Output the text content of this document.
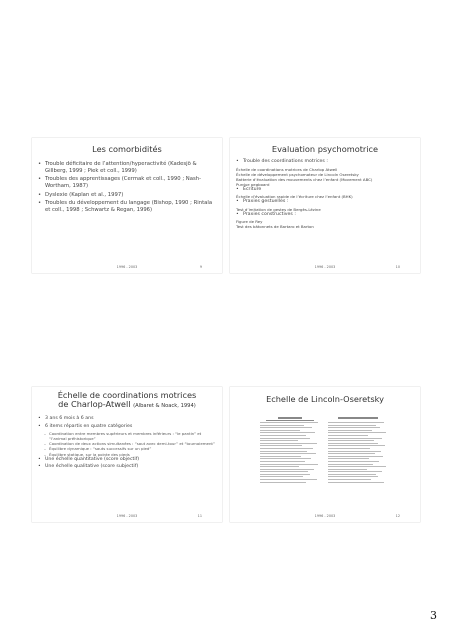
Les comorbidités
• Trouble déficitaire de l’attention/hyperactivité (Kadesjö & Gillberg, 1999 ; Piek et coll., 1999)
• Troubles des apprentissages (Cermak et coll., 1990 ; Nash-Wortham, 1987)
• Dyslexie (Kaplan et al., 1997)
• Troubles du développement du langage (Bishop, 1990 ; Rintala et coll., 1998 ; Schwartz & Regan, 1996)
1996 - 2003	9
Evaluation psychomotrice
• Trouble des coordinations motrices :
Échelle de coordinations motrices de Charlop Atwell
Échelle de développement psychomoteur de Lincoln Oseretsky
Batterie d’évaluation des mouvements chez l’enfant (Movement ABC)
Purdue pegboard
• Écriture
Échelle d’évaluation rapide de l’écriture chez l’enfant (BHK)
• Praxies gestuelles :
Test d’imitation de gestes de Bergès-Lézine
• Praxies constructives :
Figure de Rey
Test des bâtonnets de Bartaro et Barton
1996 - 2003	10
Échelle de coordinations motrices
de Charlop-Atwell (Albaret & Noack, 1994)
• 3 ans 6 mois à 6 ans
• 6 items répartis en quatre catégories
– Coordination entre membres supérieurs et membres inférieurs : “le pantin” et “l’animal préhistorique”
– Coordination de deux actions simultanées : “saut avec demi-tour” et “tournoiement”
– Équilibre dynamique : “sauts successifs sur un pied”
– Équilibre statique, sur la pointe des pieds
• Une échelle quantitative (score objectif)
• Une échelle qualitative (score subjectif)
1996 - 2003	11
Echelle de Lincoln-Oseretsky
1996 - 2003	12
3
